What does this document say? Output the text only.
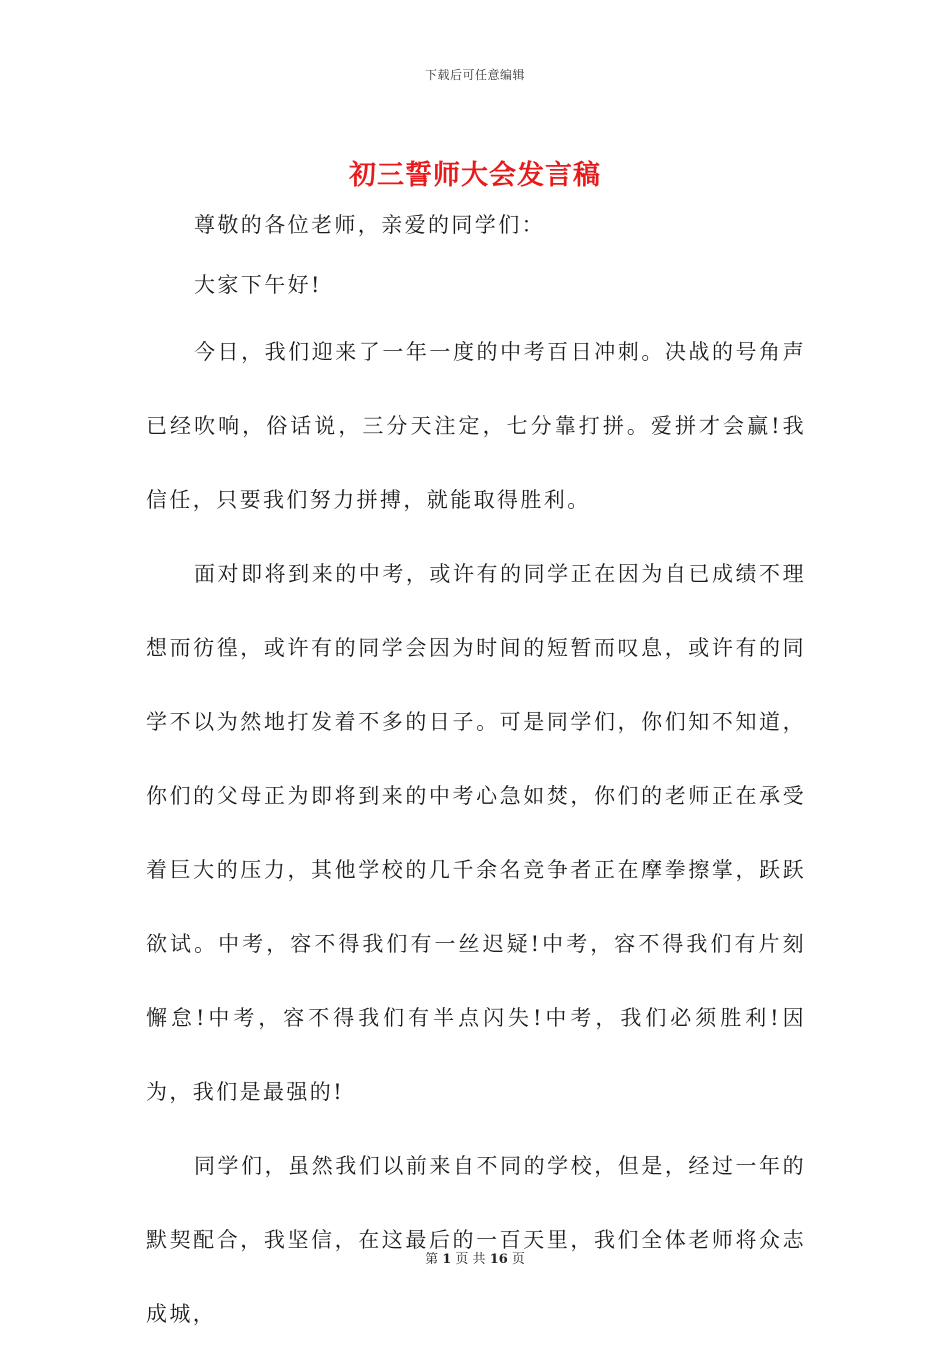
下载后可任意编辑
初三誓师大会发言稿

尊敬的各位老师，亲爱的同学们：

大家下午好!

今日，我们迎来了一年一度的中考百日冲刺。决战的号角声已经吹响，俗话说，三分天注定，七分靠打拼。爱拼才会赢!我信任，只要我们努力拼搏，就能取得胜利。

面对即将到来的中考，或许有的同学正在因为自已成绩不理想而彷徨，或许有的同学会因为时间的短暂而叹息，或许有的同学不以为然地打发着不多的日子。可是同学们，你们知不知道，你们的父母正为即将到来的中考心急如焚，你们的老师正在承受着巨大的压力，其他学校的几千余名竞争者正在摩拳擦掌，跃跃欲试。中考，容不得我们有一丝迟疑!中考，容不得我们有片刻懈怠!中考，容不得我们有半点闪失!中考，我们必须胜利!因为，我们是最强的!

同学们，虽然我们以前来自不同的学校，但是，经过一年的默契配合，我坚信，在这最后的一百天里，我们全体老师将众志成城，

第 1 页 共 16 页
